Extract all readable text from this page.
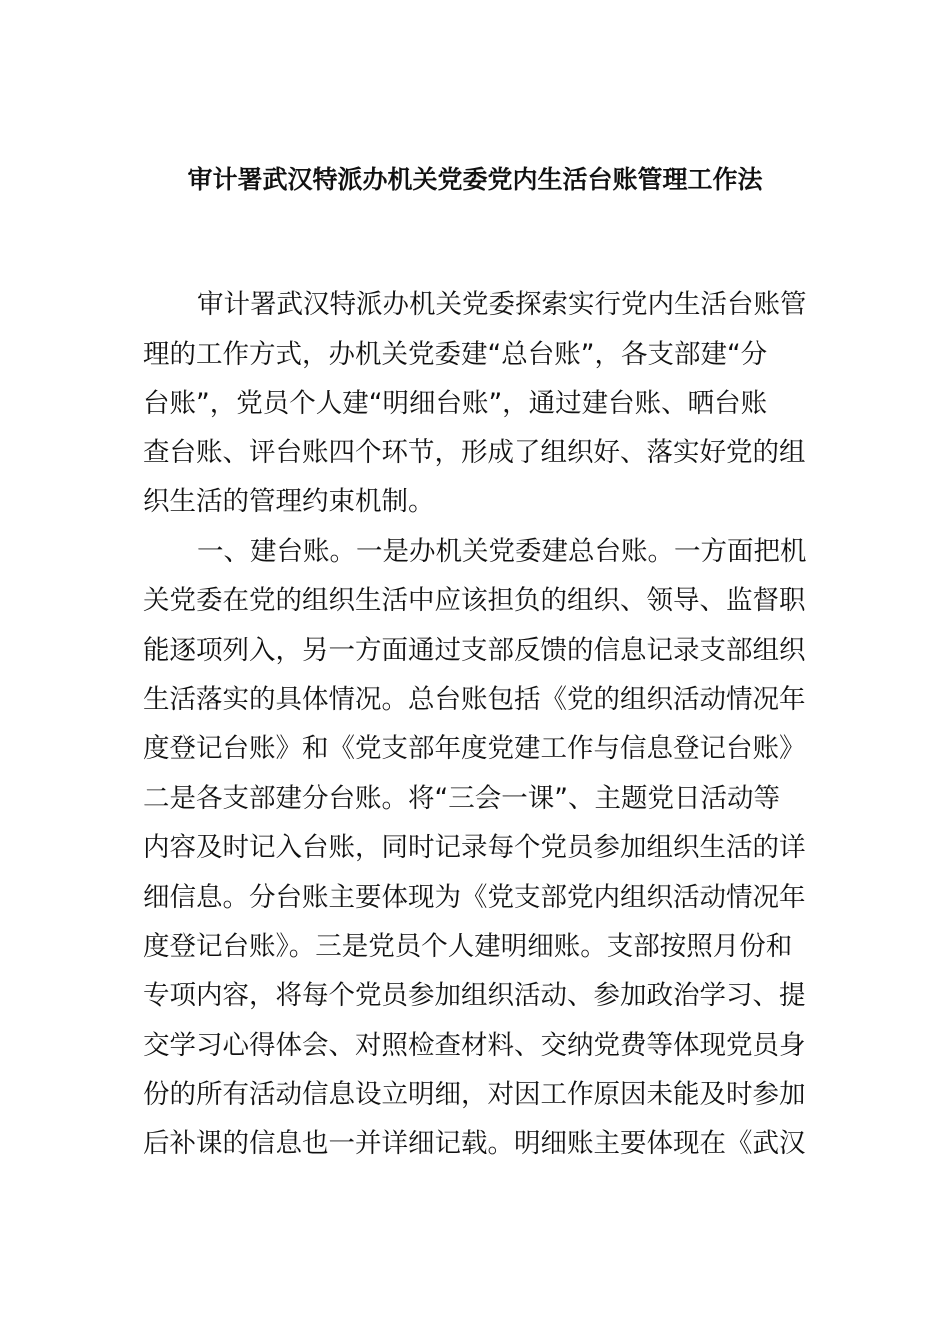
审计署武汉特派办机关党委党内生活台账管理工作法
审计署武汉特派办机关党委探索实行党内生活台账管
理的工作方式，办机关党委建“总台账”，各支部建“分
台账”，党员个人建“明细台账”，通过建台账、晒台账
查台账、评台账四个环节，形成了组织好、落实好党的组
织生活的管理约束机制。
一、建台账。一是办机关党委建总台账。一方面把机
关党委在党的组织生活中应该担负的组织、领导、监督职
能逐项列入，另一方面通过支部反馈的信息记录支部组织
生活落实的具体情况。总台账包括《党的组织活动情况年
度登记台账》和《党支部年度党建工作与信息登记台账》
二是各支部建分台账。将“三会一课”、主题党日活动等
内容及时记入台账，同时记录每个党员参加组织生活的详
细信息。分台账主要体现为《党支部党内组织活动情况年
度登记台账》。三是党员个人建明细账。支部按照月份和
专项内容，将每个党员参加组织活动、参加政治学习、提
交学习心得体会、对照检查材料、交纳党费等体现党员身
份的所有活动信息设立明细，对因工作原因未能及时参加
后补课的信息也一并详细记载。明细账主要体现在《武汉
